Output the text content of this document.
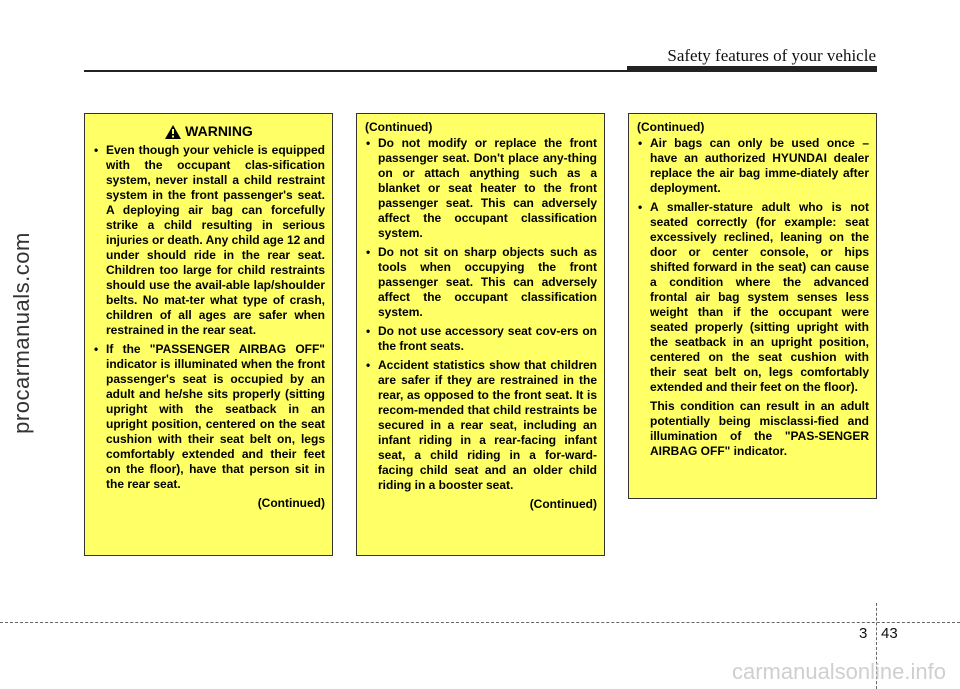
Safety features of your vehicle
procarmanuals.com
WARNING
• Even though your vehicle is equipped with the occupant clas-sification system, never install a child restraint system in the front passenger's seat. A deploying air bag can forcefully strike a child resulting in serious injuries or death. Any child age 12 and under should ride in the rear seat. Children too large for child restraints should use the avail-able lap/shoulder belts. No mat-ter what type of crash, children of all ages are safer when restrained in the rear seat.
• If the "PASSENGER AIRBAG OFF" indicator is illuminated when the front passenger's seat is occupied by an adult and he/she sits properly (sitting upright with the seatback in an upright position, centered on the seat cushion with their seat belt on, legs comfortably extended and their feet on the floor), have that person sit in the rear seat.
(Continued)
(Continued)
• Do not modify or replace the front passenger seat. Don't place any-thing on or attach anything such as a blanket or seat heater to the front passenger seat. This can adversely affect the occupant classification system.
• Do not sit on sharp objects such as tools when occupying the front passenger seat. This can adversely affect the occupant classification system.
• Do not use accessory seat cov-ers on the front seats.
• Accident statistics show that children are safer if they are restrained in the rear, as opposed to the front seat. It is recom-mended that child restraints be secured in a rear seat, including an infant riding in a rear-facing infant seat, a child riding in a for-ward-facing child seat and an older child riding in a booster seat.
(Continued)
(Continued)
• Air bags can only be used once – have an authorized HYUNDAI dealer replace the air bag imme-diately after deployment.
• A smaller-stature adult who is not seated correctly (for example: seat excessively reclined, leaning on the door or center console, or hips shifted forward in the seat) can cause a condition where the advanced frontal air bag system senses less weight than if the occupant were seated properly (sitting upright with the seatback in an upright position, centered on the seat cushion with their seat belt on, legs comfortably extended and their feet on the floor).

This condition can result in an adult potentially being misclassi-fied and illumination of the "PAS-SENGER AIRBAG OFF" indicator.

3 43
carmanualsonline.info
